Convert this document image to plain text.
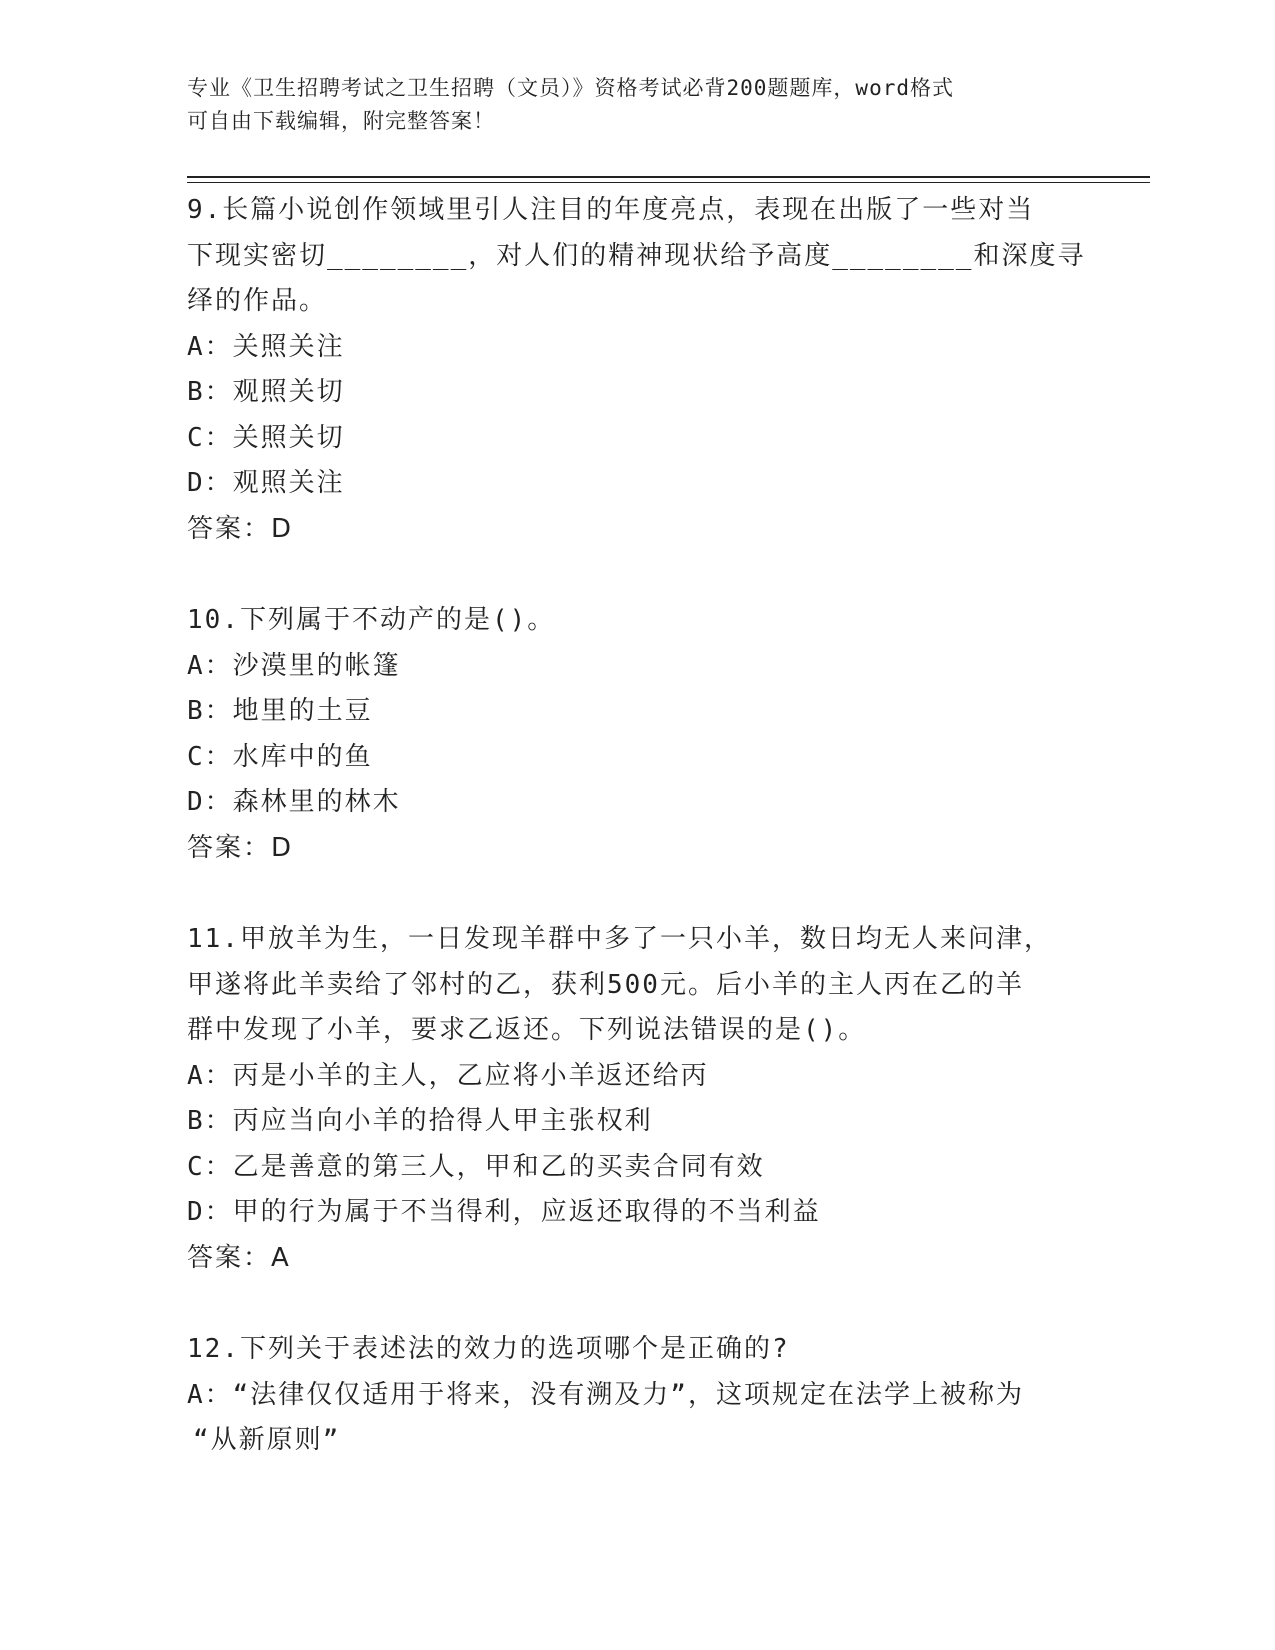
专业《卫生招聘考试之卫生招聘（文员）》资格考试必背200题题库，word格式
可自由下载编辑，附完整答案！
9.长篇小说创作领域里引人注目的年度亮点，表现在出版了一些对当
下现实密切________，对人们的精神现状给予高度________和深度寻
绎的作品。
A：关照关注
B：观照关切
C：关照关切
D：观照关注
答案：D
10.下列属于不动产的是()。
A：沙漠里的帐篷
B：地里的土豆
C：水库中的鱼
D：森林里的林木
答案：D
11.甲放羊为生，一日发现羊群中多了一只小羊，数日均无人来问津，
甲遂将此羊卖给了邻村的乙，获利500元。后小羊的主人丙在乙的羊
群中发现了小羊，要求乙返还。下列说法错误的是()。
A：丙是小羊的主人，乙应将小羊返还给丙
B：丙应当向小羊的拾得人甲主张权利
C：乙是善意的第三人，甲和乙的买卖合同有效
D：甲的行为属于不当得利，应返还取得的不当利益
答案：A
12.下列关于表述法的效力的选项哪个是正确的?
A：“法律仅仅适用于将来，没有溯及力”，这项规定在法学上被称为
“从新原则”
